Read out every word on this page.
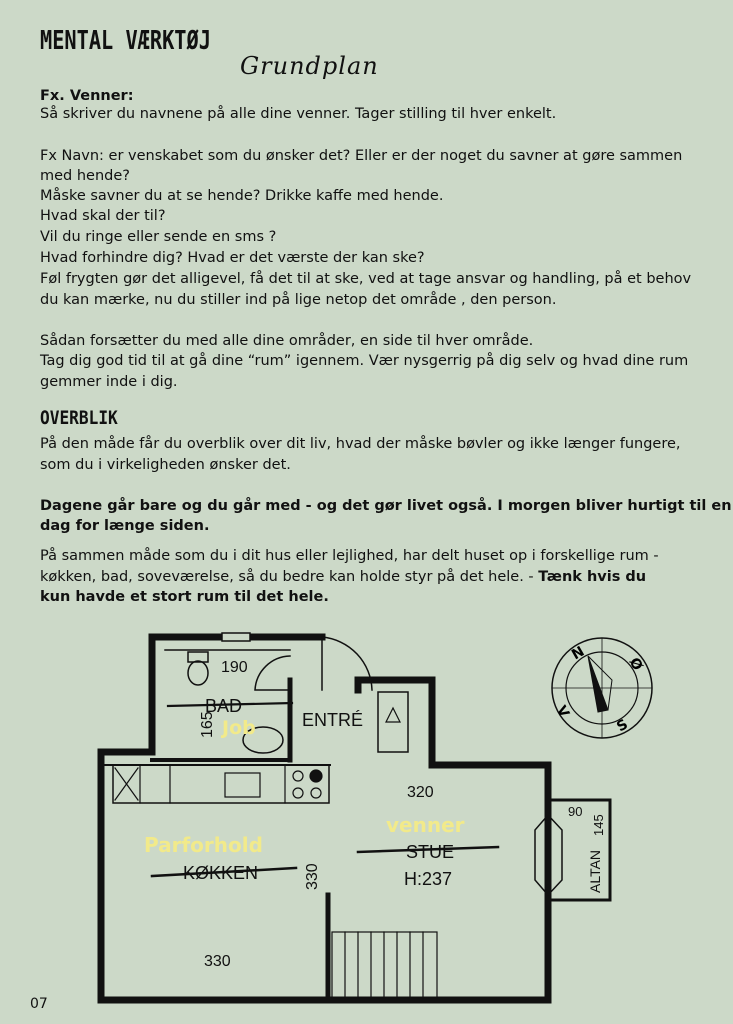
MENTAL VÆRKTØJ
Grundplan
Fx. Venner:
Så skriver du navnene på alle dine venner. Tager stilling til hver enkelt.
Fx Navn: er venskabet som du ønsker det? Eller er der noget du savner at gøre sammen
med hende?
Måske savner du at se hende? Drikke kaffe med hende.
Hvad skal der til?
Vil du ringe eller sende en sms ?
Hvad forhindre dig? Hvad er det værste der kan ske?
Føl frygten gør det alligevel, få det til at ske, ved at tage ansvar og handling, på et behov
du kan mærke, nu du stiller ind på lige netop det område , den person.
Sådan forsætter du med alle dine områder, en side til hver område.
Tag dig god tid til at gå dine “rum” igennem. Vær nysgerrig på dig selv og hvad dine rum
gemmer inde i dig.
OVERBLIK
På den måde får du overblik over dit liv, hvad der måske bøvler og ikke længer fungere,
som du i virkeligheden ønsker det.
Dagene går bare og du går med - og det gør livet også. I morgen bliver hurtigt til en
dag for længe siden.
På sammen måde som du i dit hus eller lejlighed, har delt huset op i forskellige rum -
køkken, bad, soveværelse, så du bedre kan holde styr på det hele. - Tænk hvis du
kun havde et stort rum til det hele.
N
Ø
S
V
190
165
BAD
ENTRÉ
320
STUE
H:237
KØKKEN	330
330
90
145
ALTAN
Job
venner
Parforhold
07
